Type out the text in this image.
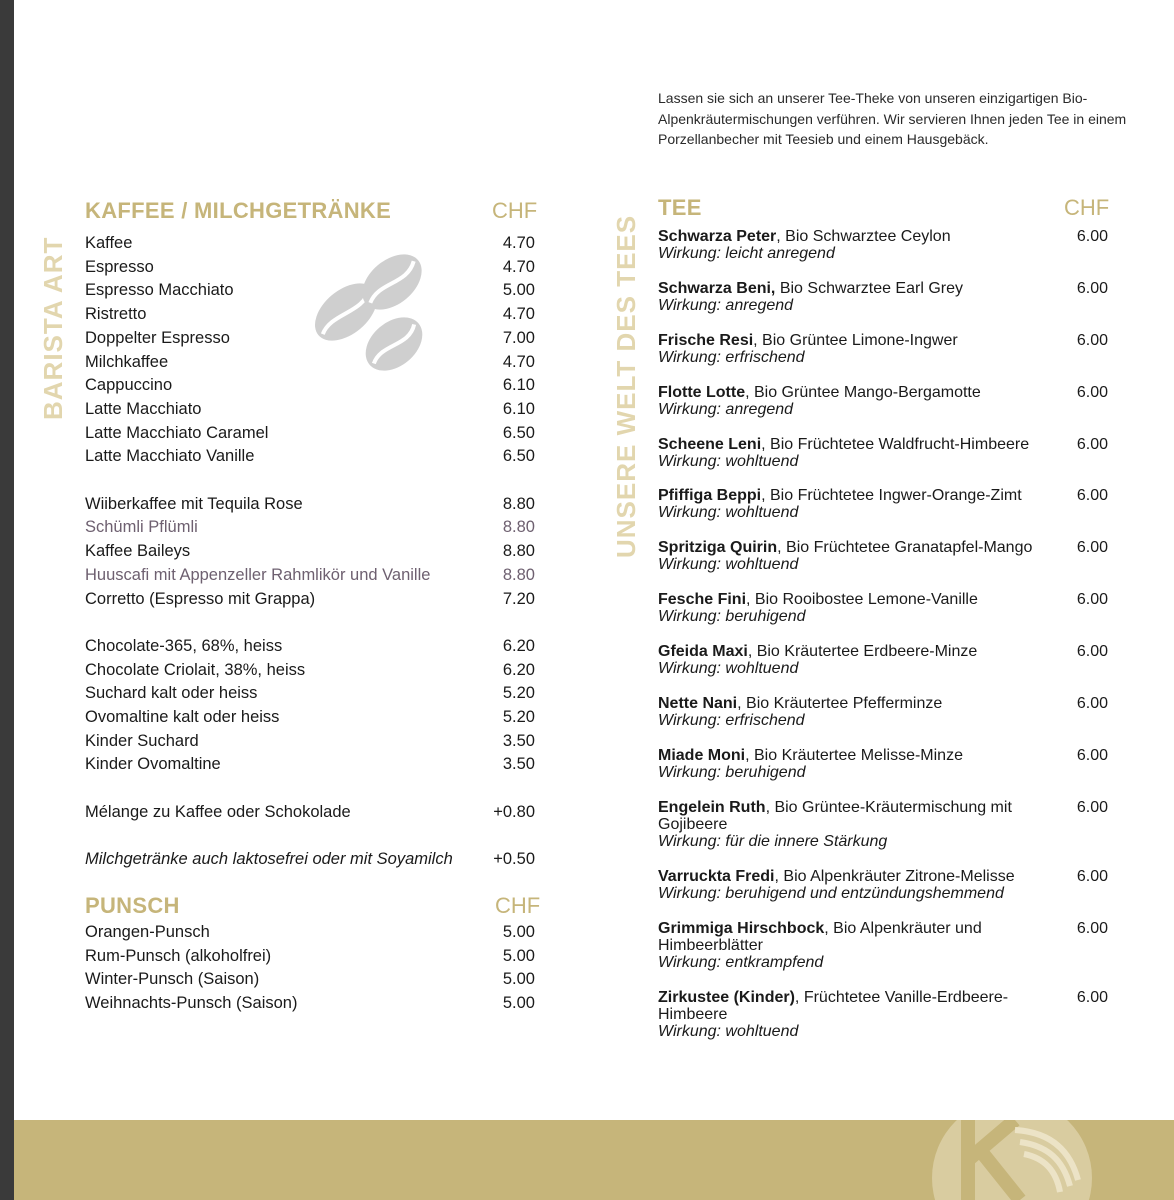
Lassen sie sich an unserer Tee-Theke von unseren einzigartigen Bio-Alpenkräutermischungen verführen. Wir servieren Ihnen jeden Tee in einem Porzellanbecher mit Teesieb und einem Hausgebäck.
BARISTA ART	UNSERE WELT DES TEES
KAFFEE / MILCHGETRÄNKE	CHF
Kaffee	4.70
Espresso	4.70
Espresso Macchiato	5.00
Ristretto	4.70
Doppelter Espresso	7.00
Milchkaffee	4.70
Cappuccino	6.10
Latte Macchiato	6.10
Latte Macchiato Caramel	6.50
Latte Macchiato Vanille	6.50
Wiiberkaffee mit Tequila Rose	8.80
Schümli Pflümli	8.80
Kaffee Baileys	8.80
Huuscafi mit Appenzeller Rahmlikör und Vanille	8.80
Corretto (Espresso mit Grappa)	7.20
Chocolate-365, 68%, heiss	6.20
Chocolate Criolait, 38%, heiss	6.20
Suchard kalt oder heiss	5.20
Ovomaltine kalt oder heiss	5.20
Kinder Suchard	3.50
Kinder Ovomaltine	3.50
Mélange zu Kaffee oder Schokolade	+0.80
Milchgetränke auch laktosefrei oder mit Soyamilch +0.50
PUNSCH	CHF
Orangen-Punsch	5.00
Rum-Punsch (alkoholfrei)	5.00
Winter-Punsch (Saison)	5.00
Weihnachts-Punsch (Saison)	5.00
TEE	CHF
Schwarza Peter, Bio Schwarztee Ceylon
Wirkung: leicht anregend
6.00
Schwarza Beni, Bio Schwarztee Earl Grey
Wirkung: anregend
6.00
Frische Resi, Bio Grüntee Limone-Ingwer
Wirkung: erfrischend
6.00
Flotte Lotte, Bio Grüntee Mango-Bergamotte
Wirkung: anregend
6.00
Scheene Leni, Bio Früchtetee Waldfrucht-Himbeere
Wirkung: wohltuend
6.00
Pfiffiga Beppi, Bio Früchtetee Ingwer-Orange-Zimt
Wirkung: wohltuend
6.00
Spritziga Quirin, Bio Früchtetee Granatapfel-Mango
Wirkung: wohltuend
6.00
Fesche Fini, Bio Rooibostee Lemone-Vanille
Wirkung: beruhigend
6.00
Gfeida Maxi, Bio Kräutertee Erdbeere-Minze
Wirkung: wohltuend
6.00
Nette Nani, Bio Kräutertee Pfefferminze
Wirkung: erfrischend
6.00
Miade Moni, Bio Kräutertee Melisse-Minze
Wirkung: beruhigend
6.00
Engelein Ruth, Bio Grüntee-Kräutermischung mit Gojibeere
Wirkung: für die innere Stärkung
6.00
Varruckta Fredi, Bio Alpenkräuter Zitrone-Melisse
Wirkung: beruhigend und entzündungshemmend
6.00
Grimmiga Hirschbock, Bio Alpenkräuter und Himbeerblätter
Wirkung: entkrampfend
6.00
Zirkustee (Kinder), Früchtetee Vanille-Erdbeere-Himbeere
Wirkung: wohltuend
6.00
